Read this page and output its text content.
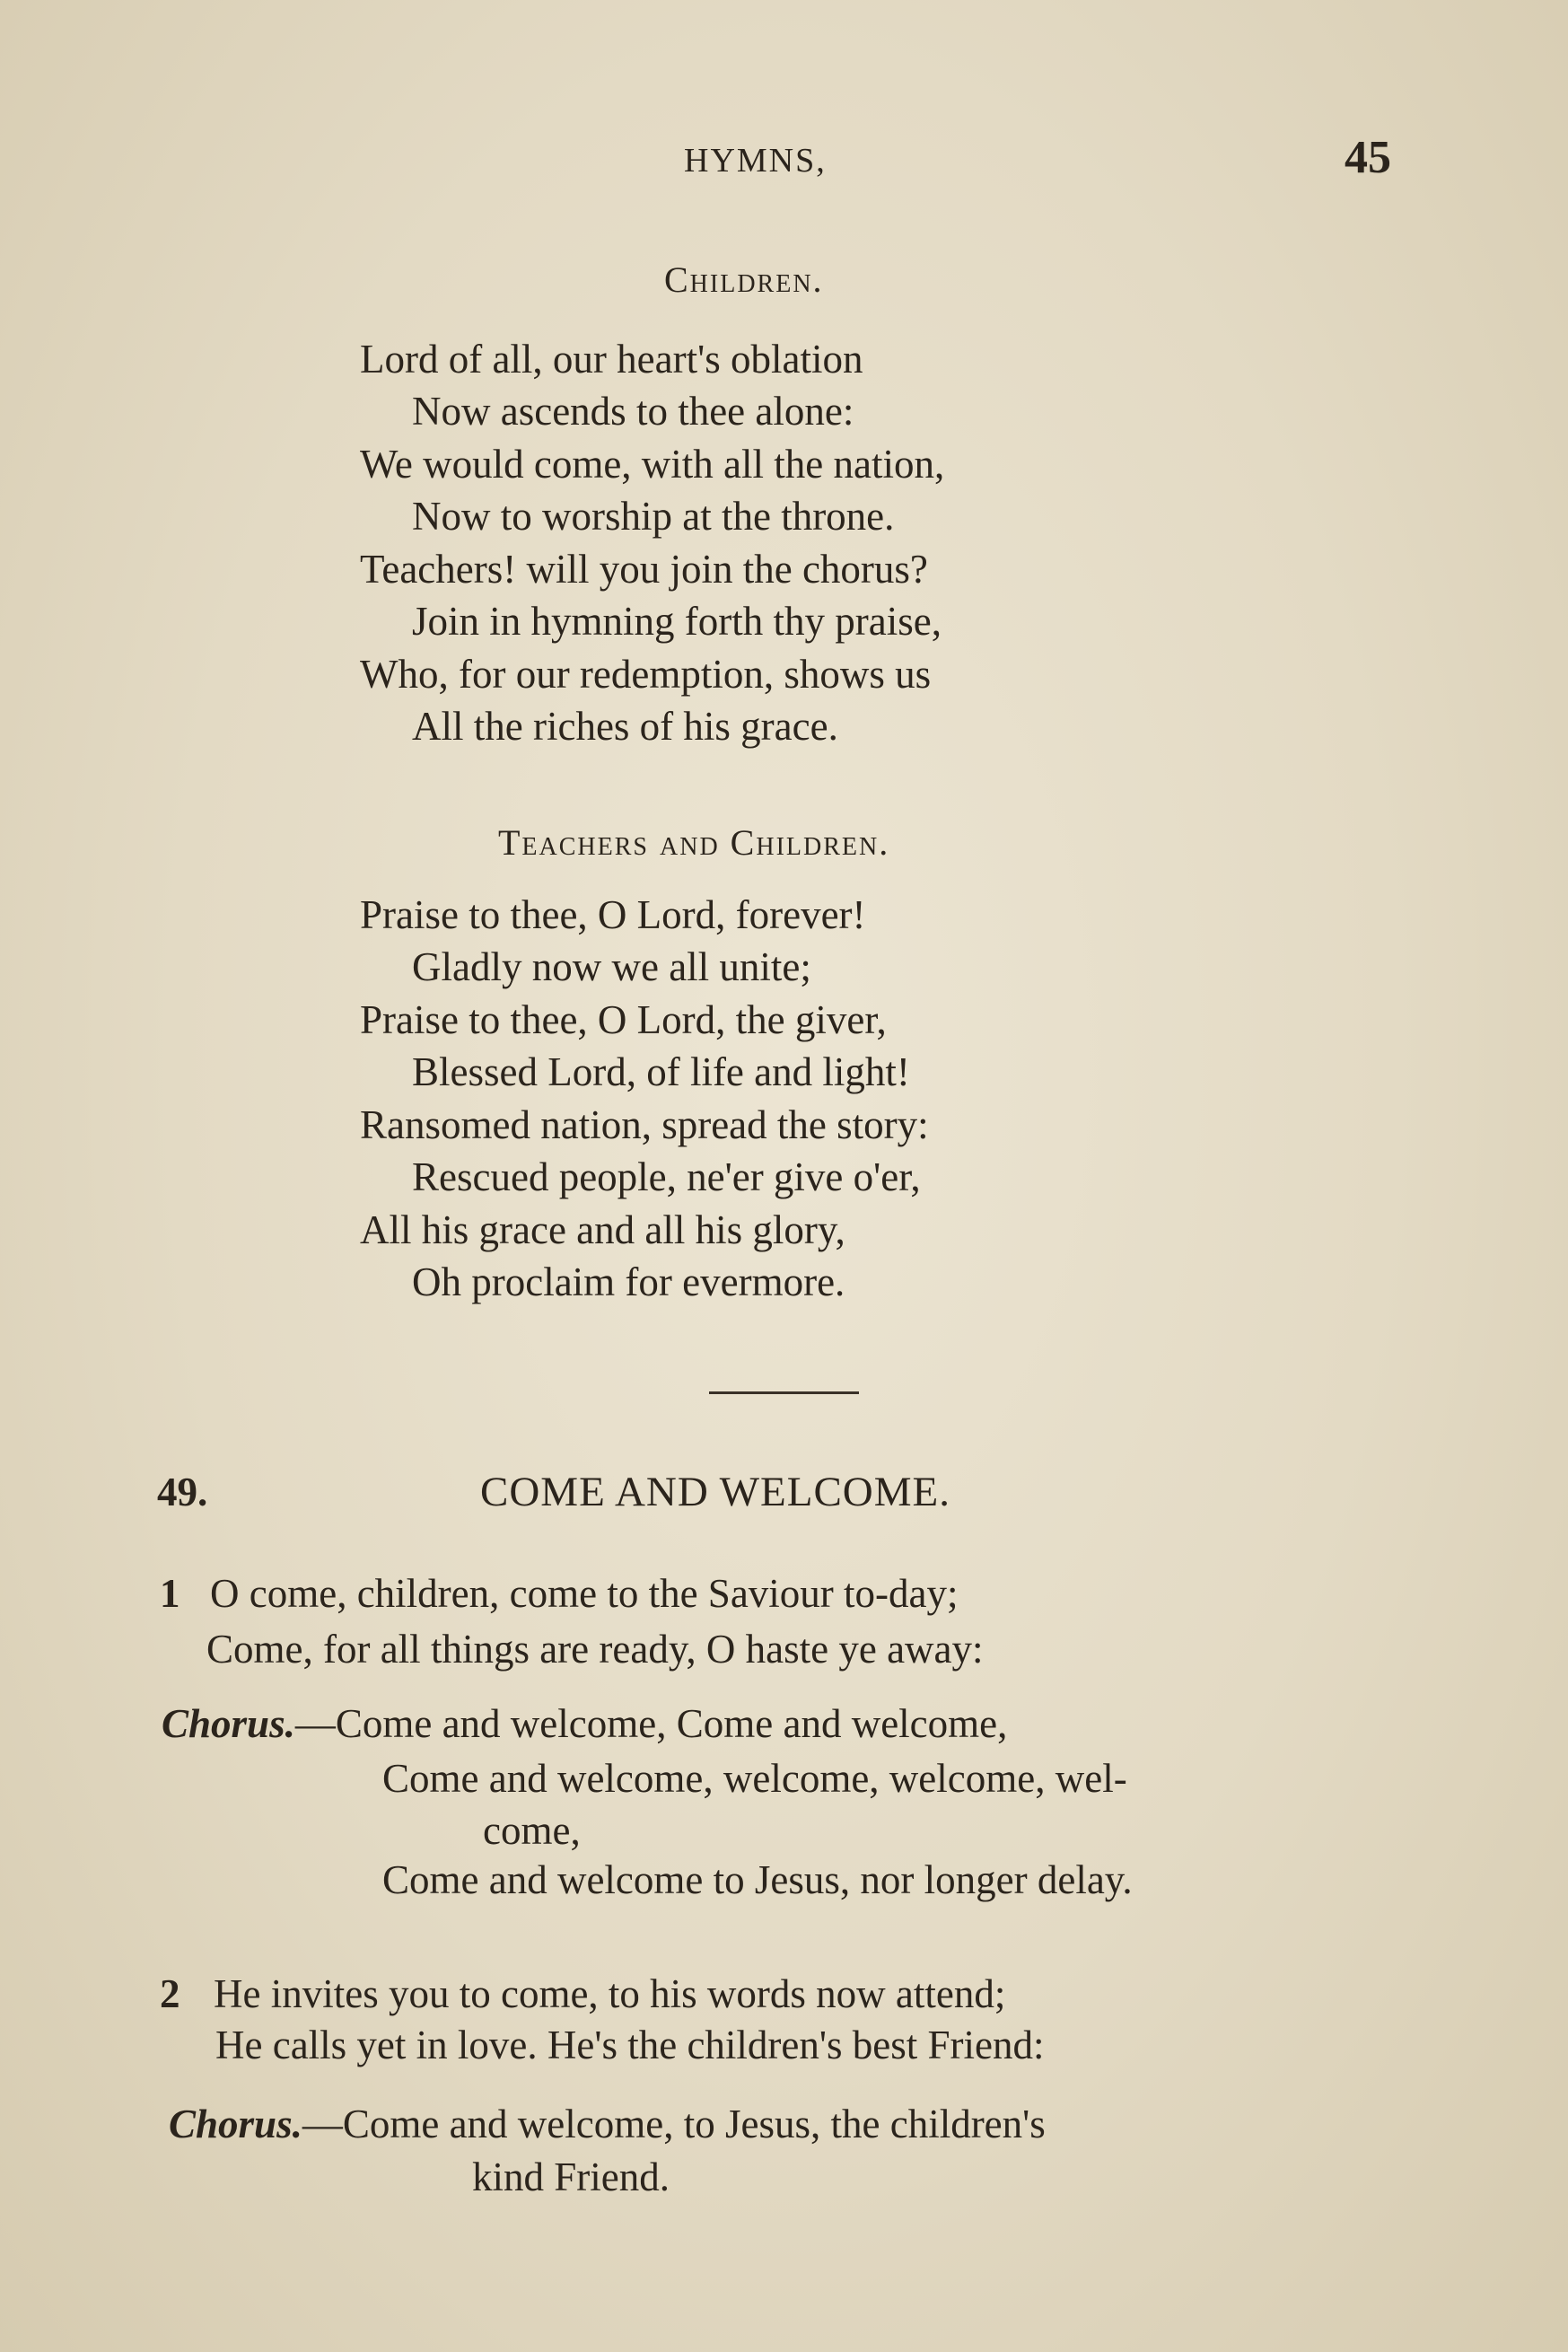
HYMNS,	45
Children.
Lord of all, our heart's oblation
Now ascends to thee alone:
We would come, with all the nation,
Now to worship at the throne.
Teachers! will you join the chorus?
Join in hymning forth thy praise,
Who, for our redemption, shows us
All the riches of his grace.
Teachers and Children.
Praise to thee, O Lord, forever!
Gladly now we all unite;
Praise to thee, O Lord, the giver,
Blessed Lord, of life and light!
Ransomed nation, spread the story:
Rescued people, ne'er give o'er,
All his grace and all his glory,
Oh proclaim for evermore.
49.	COME AND WELCOME.
1 O come, children, come to the Saviour to-day;
Come, for all things are ready, O haste ye away:
Chorus.—Come and welcome, Come and welcome,
Come and welcome, welcome, welcome, wel-
come,
Come and welcome to Jesus, nor longer delay.
2 He invites you to come, to his words now attend;
He calls yet in love. He's the children's best Friend:
Chorus.—Come and welcome, to Jesus, the children's
kind Friend.
